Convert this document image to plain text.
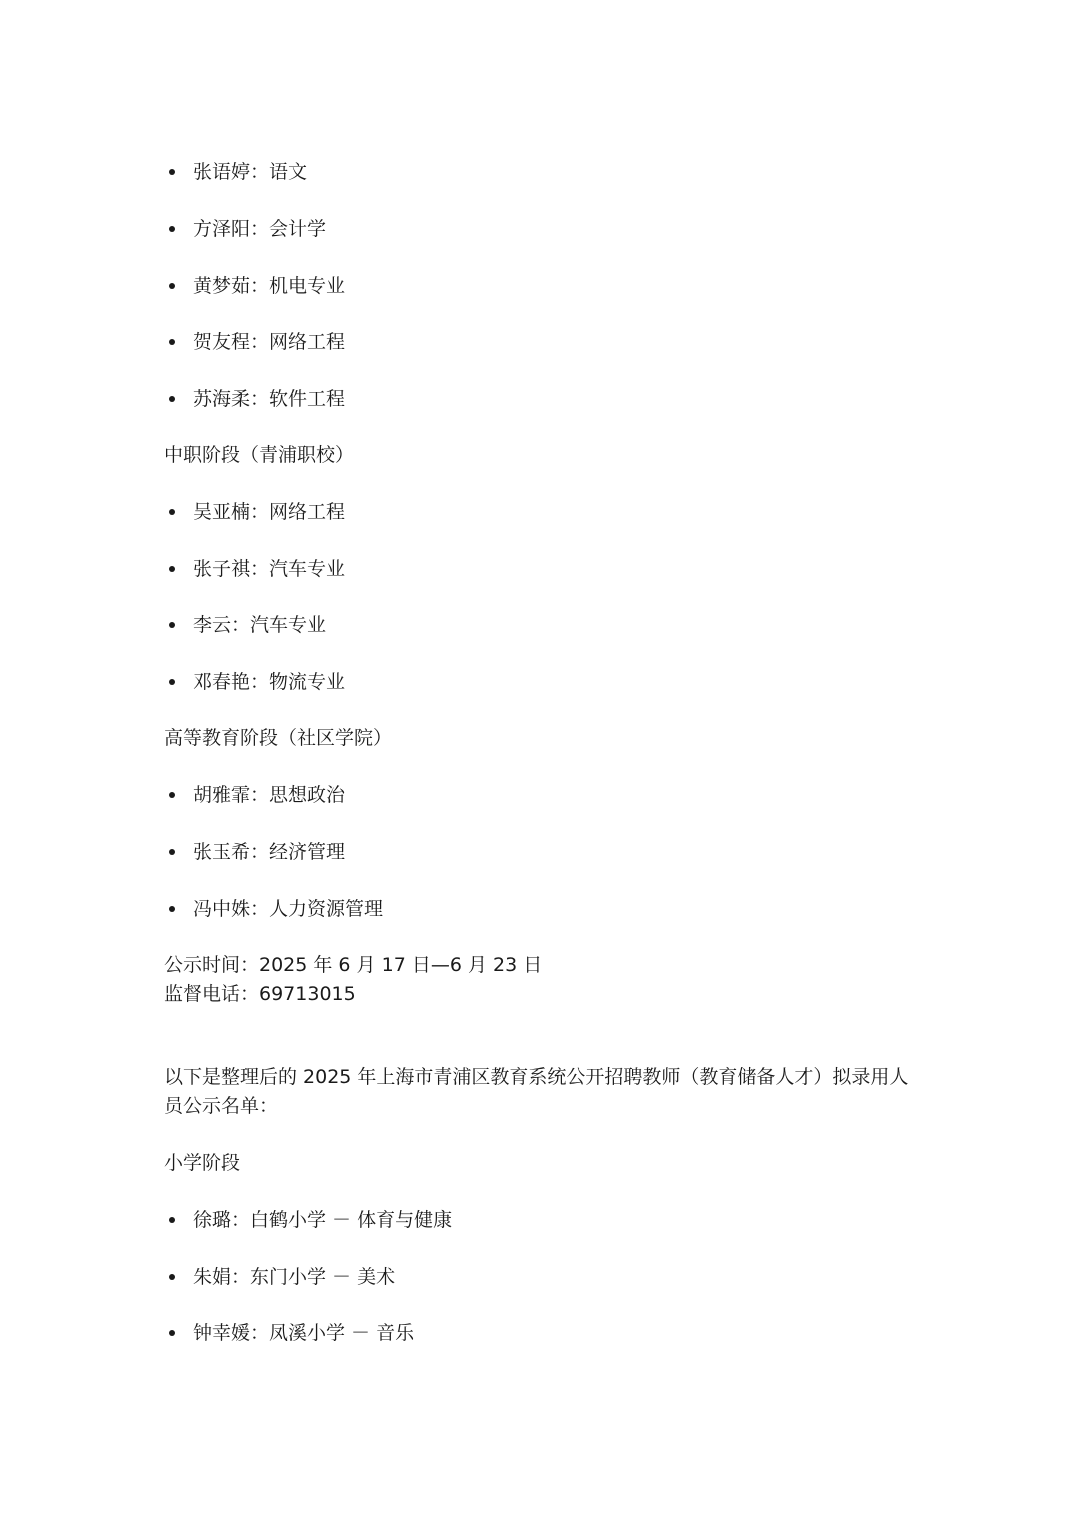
张语婷：语文
方泽阳：会计学
黄梦茹：机电专业
贺友程：网络工程
苏海柔：软件工程
中职阶段（青浦职校）
吴亚楠：网络工程
张子祺：汽车专业
李云：汽车专业
邓春艳：物流专业
高等教育阶段（社区学院）
胡雅霏：思想政治
张玉希：经济管理
冯中姝：人力资源管理
公示时间：2025 年 6 月 17 日—6 月 23 日
监督电话：69713015
以下是整理后的 2025 年上海市青浦区教育系统公开招聘教师（教育储备人才）拟录用人员公示名单：
小学阶段
徐璐：白鹤小学 － 体育与健康
朱娟：东门小学 － 美术
钟幸媛：凤溪小学 － 音乐
